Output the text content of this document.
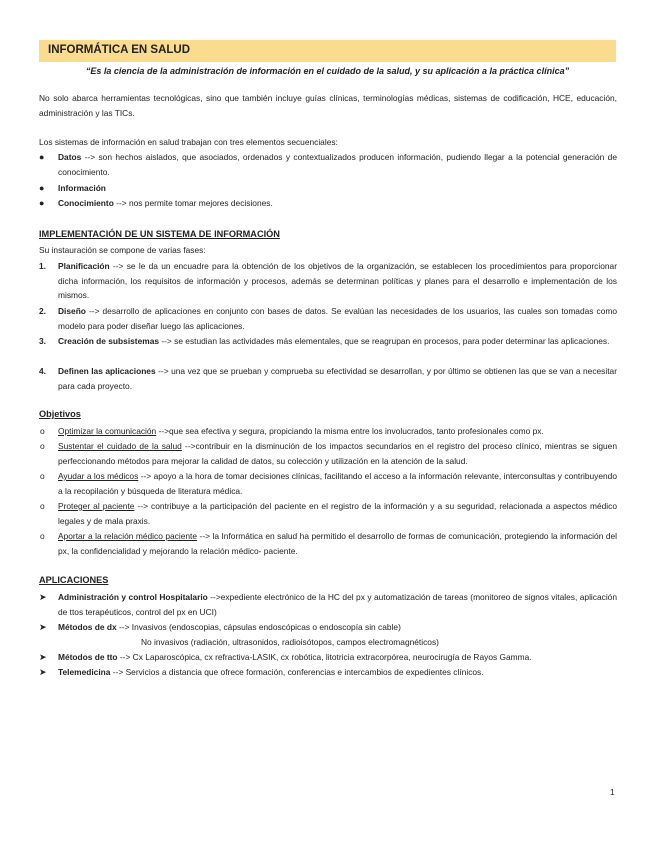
INFORMÁTICA EN SALUD
“Es la ciencia de la administración de información en el cuidado de la salud, y su aplicación a la práctica clínica”
No solo abarca herramientas tecnológicas, sino que también incluye guías clínicas, terminologías médicas, sistemas de codificación, HCE, educación, administración y las TICs.
Los sistemas de información en salud trabajan con tres elementos secuenciales:
● Datos --> son hechos aislados, que asociados, ordenados y contextualizados producen información, pudiendo llegar a la potencial generación de conocimiento.
● Información
● Conocimiento --> nos permite tomar mejores decisiones.
IMPLEMENTACIÓN DE UN SISTEMA DE INFORMACIÓN
Su instauración se compone de varias fases:
1. Planificación --> se le da un encuadre para la obtención de los objetivos de la organización, se establecen los procedimientos para proporcionar dicha información, los requisitos de información y procesos, además se determinan políticas y planes para el desarrollo e implementación de los mismos.
2. Diseño --> desarrollo de aplicaciones en conjunto con bases de datos. Se evalúan las necesidades de los usuarios, las cuales son tomadas como modelo para poder diseñar luego las aplicaciones.
3. Creación de subsistemas --> se estudian las actividades más elementales, que se reagrupan en procesos, para poder determinar las aplicaciones.
4. Definen las aplicaciones --> una vez que se prueban y comprueba su efectividad se desarrollan, y por último se obtienen las que se van a necesitar para cada proyecto.
Objetivos
o Optimizar la comunicación -->que sea efectiva y segura, propiciando la misma entre los involucrados, tanto profesionales como px.
o Sustentar el cuidado de la salud -->contribuir en la disminución de los impactos secundarios en el registro del proceso clínico, mientras se siguen perfeccionando métodos para mejorar la calidad de datos, su colección y utilización en la atención de la salud.
o Ayudar a los médicos --> apoyo a la hora de tomar decisiones clínicas, facilitando el acceso a la información relevante, interconsultas y contribuyendo a la recopilación y búsqueda de literatura médica.
o Proteger al paciente --> contribuye a la participación del paciente en el registro de la información y a su seguridad, relacionada a aspectos médico legales y de mala praxis.
o Aportar a la relación médico paciente --> la Informática en salud ha permitido el desarrollo de formas de comunicación, protegiendo la información del px, la confidencialidad y mejorando la relación médico- paciente.
APLICACIONES
➤ Administración y control Hospitalario -->expediente electrónico de la HC del px y automatización de tareas (monitoreo de signos vitales, aplicación de ttos terapéuticos, control del px en UCI)
➤ Métodos de dx --> Invasivos (endoscopias, cápsulas endoscópicas o endoscopía sin cable)
No invasivos (radiación, ultrasonidos, radioisótopos, campos electromagnéticos)
➤ Métodos de tto --> Cx Laparoscópica, cx refractiva-LASIK, cx robótica, litotricia extracorpórea, neurocirugía de Rayos Gamma.
➤ Telemedicina --> Servicios a distancia que ofrece formación, conferencias e intercambios de expedientes clínicos.
1
